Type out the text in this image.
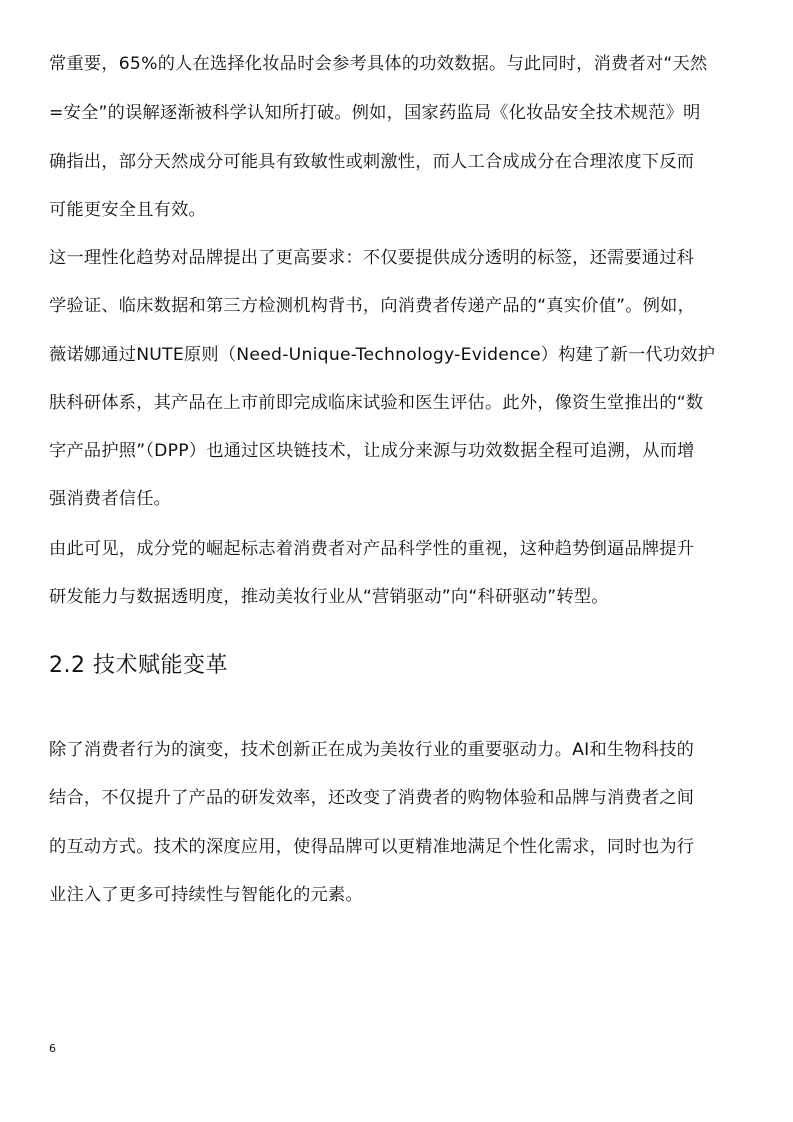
常重要，65%的人在选择化妆品时会参考具体的功效数据。与此同时，消费者对“天然
=安全”的误解逐渐被科学认知所打破。例如，国家药监局《化妆品安全技术规范》明
确指出，部分天然成分可能具有致敏性或刺激性，而人工合成成分在合理浓度下反而
可能更安全且有效。
这一理性化趋势对品牌提出了更高要求：不仅要提供成分透明的标签，还需要通过科
学验证、临床数据和第三方检测机构背书，向消费者传递产品的“真实价值”。例如，
薇诺娜通过NUTE原则（Need-Unique-Technology-Evidence）构建了新一代功效护
肤科研体系，其产品在上市前即完成临床试验和医生评估。此外，像资生堂推出的“数
字产品护照”（DPP）也通过区块链技术，让成分来源与功效数据全程可追溯，从而增
强消费者信任。
由此可见，成分党的崛起标志着消费者对产品科学性的重视，这种趋势倒逼品牌提升
研发能力与数据透明度，推动美妆行业从“营销驱动”向“科研驱动”转型。
2.2 技术赋能变革
除了消费者行为的演变，技术创新正在成为美妆行业的重要驱动力。AI和生物科技的
结合，不仅提升了产品的研发效率，还改变了消费者的购物体验和品牌与消费者之间
的互动方式。技术的深度应用，使得品牌可以更精准地满足个性化需求，同时也为行
业注入了更多可持续性与智能化的元素。
6
